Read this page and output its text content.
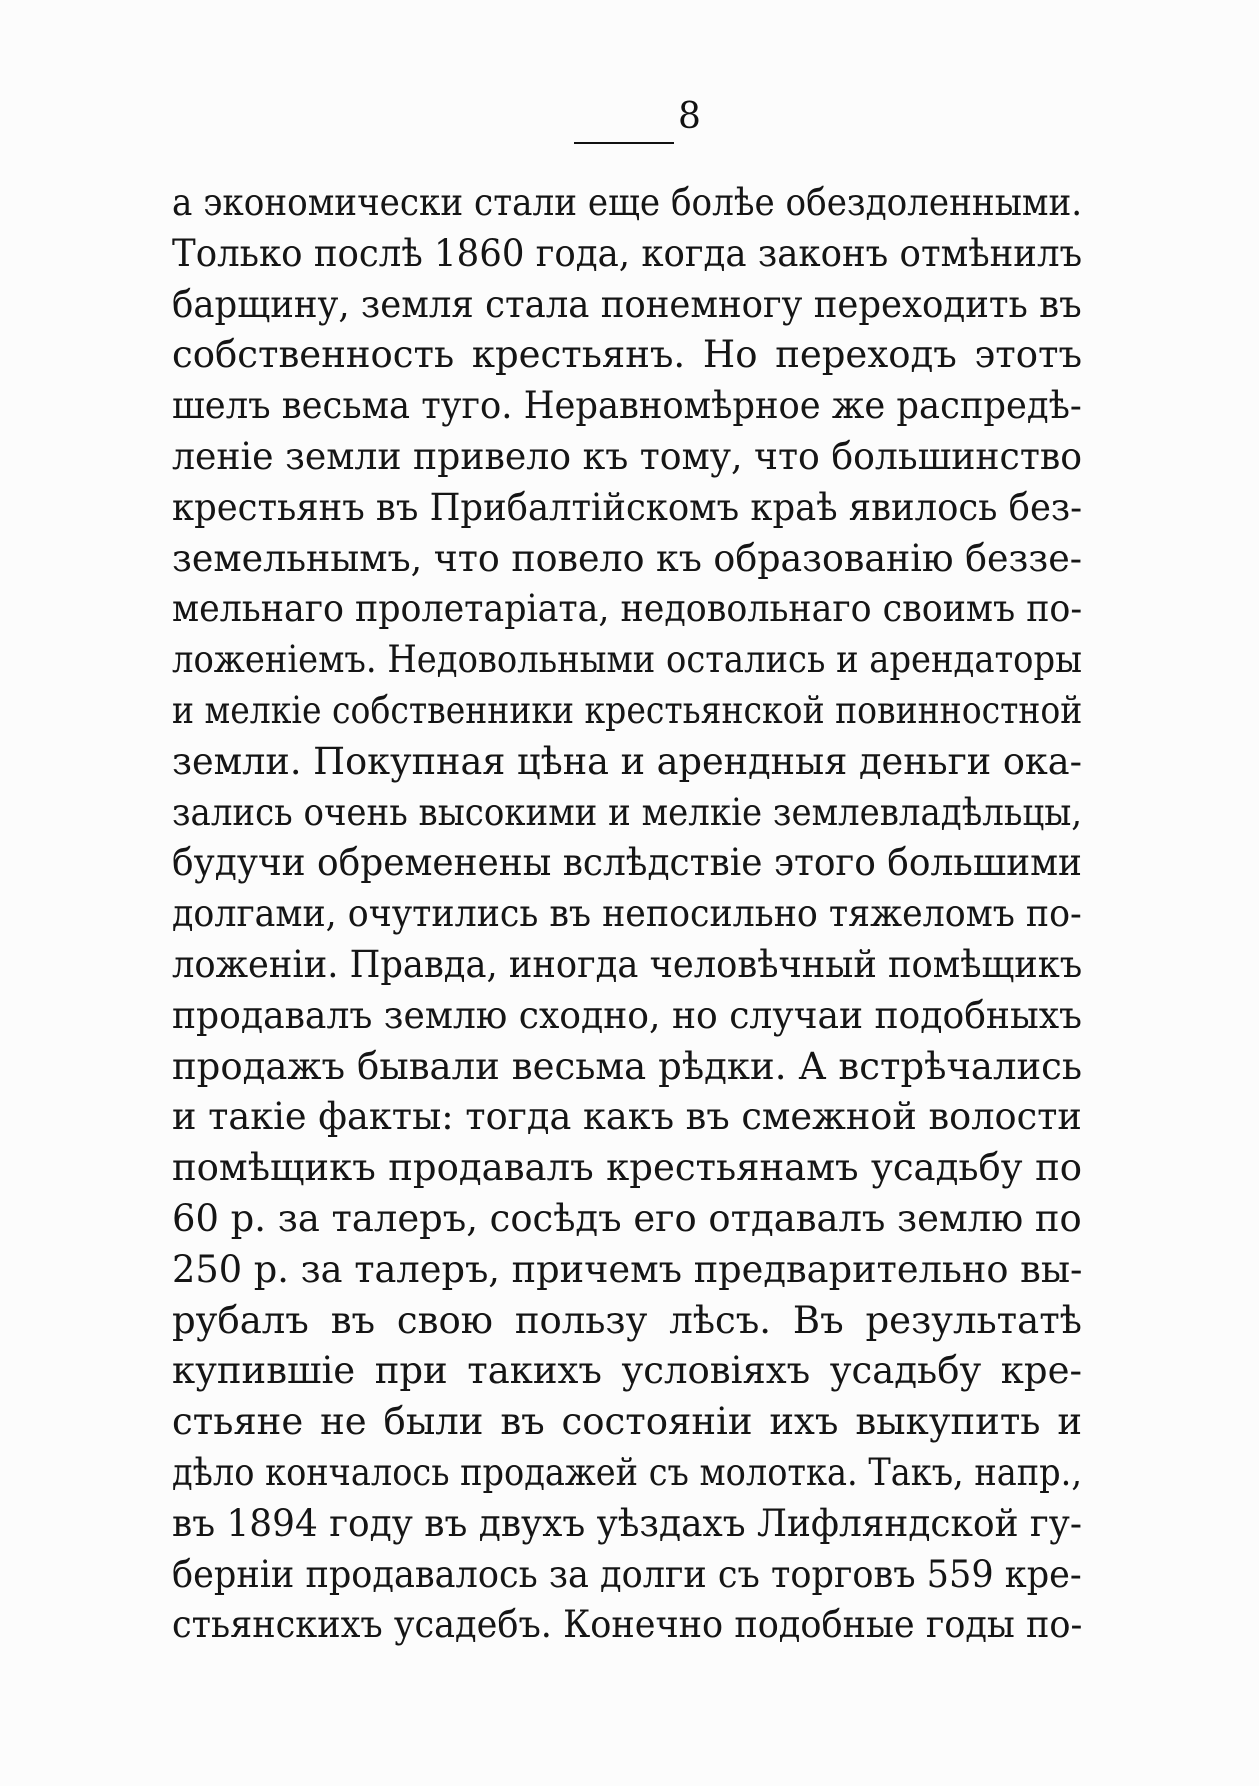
8
а экономически стали еще болѣе обездоленными.
Только послѣ 1860 года, когда законъ отмѣнилъ
барщину, земля стала понемногу переходить въ
собственность крестьянъ. Но переходъ этотъ
шелъ весьма туго. Неравномѣрное же распредѣ-
леніе земли привело къ тому, что большинство
крестьянъ въ Прибалтійскомъ краѣ явилось без-
земельнымъ, что повело къ образованію беззе-
мельнаго пролетаріата, недовольнаго своимъ по-
ложеніемъ. Недовольными остались и арендаторы
и мелкіе собственники крестьянской повинностной
земли. Покупная цѣна и арендныя деньги ока-
зались очень высокими и мелкіе землевладѣльцы,
будучи обременены вслѣдствіе этого большими
долгами, очутились въ непосильно тяжеломъ по-
ложеніи. Правда, иногда человѣчный помѣщикъ
продавалъ землю сходно, но случаи подобныхъ
продажъ бывали весьма рѣдки. А встрѣчались
и такіе факты: тогда какъ въ смежной волости
помѣщикъ продавалъ крестьянамъ усадьбу по
60 р. за талеръ, сосѣдъ его отдавалъ землю по
250 р. за талеръ, причемъ предварительно вы-
рубалъ въ свою пользу лѣсъ. Въ результатѣ
купившіе при такихъ условіяхъ усадьбу кре-
стьяне не были въ состояніи ихъ выкупить и
дѣло кончалось продажей съ молотка. Такъ, напр.,
въ 1894 году въ двухъ уѣздахъ Лифляндской гу-
берніи продавалось за долги съ торговъ 559 кре-
стьянскихъ усадебъ. Конечно подобные годы по-
